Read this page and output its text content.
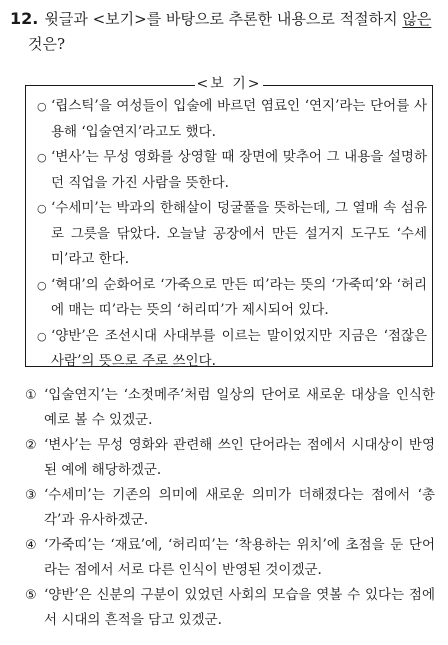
12. 윗글과 <보기>를 바탕으로 추론한 내용으로 적절하지 않은
것은?
<보 기>
○ ‘립스틱’을 여성들이 입술에 바르던 염료인 ‘연지’라는 단어를 사용해 ‘입술연지’라고도 했다.
○ ‘변사’는 무성 영화를 상영할 때 장면에 맞추어 그 내용을 설명하던 직업을 가진 사람을 뜻한다.
○ ‘수세미’는 박과의 한해살이 덩굴풀을 뜻하는데, 그 열매 속 섬유로 그릇을 닦았다. 오늘날 공장에서 만든 설거지 도구도 ‘수세미’라고 한다.
○ ‘혁대’의 순화어로 ‘가죽으로 만든 띠’라는 뜻의 ‘가죽띠’와 ‘허리에 매는 띠’라는 뜻의 ‘허리띠’가 제시되어 있다.
○ ‘양반’은 조선시대 사대부를 이르는 말이었지만 지금은 ‘점잖은 사람’의 뜻으로 주로 쓰인다.
① ‘입술연지’는 ‘소젓메주’처럼 일상의 단어로 새로운 대상을 인식한 예로 볼 수 있겠군.
② ‘변사’는 무성 영화와 관련해 쓰인 단어라는 점에서 시대상이 반영된 예에 해당하겠군.
③ ‘수세미’는 기존의 의미에 새로운 의미가 더해졌다는 점에서 ‘총각’과 유사하겠군.
④ ‘가죽띠’는 ‘재료’에, ‘허리띠’는 ‘착용하는 위치’에 초점을 둔 단어라는 점에서 서로 다른 인식이 반영된 것이겠군.
⑤ ‘양반’은 신분의 구분이 있었던 사회의 모습을 엿볼 수 있다는 점에서 시대의 흔적을 담고 있겠군.
